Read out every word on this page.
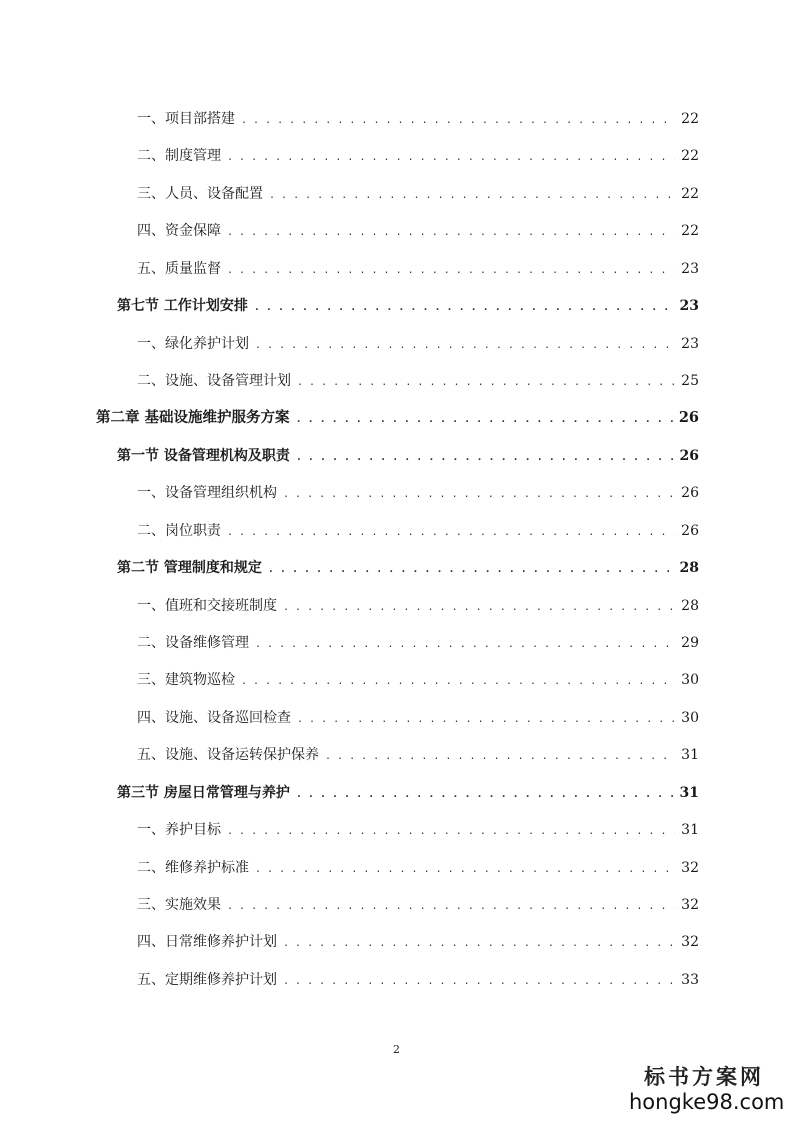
一、项目部搭建 . . .	22
二、制度管理 . . .	22
三、人员、设备配置 . . .	22
四、资金保障 . . .	22
五、质量监督 . . .	23
第七节 工作计划安排 . . .	23
一、绿化养护计划 . . .	23
二、设施、设备管理计划 . . .	25
第二章 基础设施维护服务方案 . . .	26
第一节 设备管理机构及职责 . . .	26
一、设备管理组织机构 . . .	26
二、岗位职责 . . .	26
第二节 管理制度和规定 . . .	28
一、值班和交接班制度 . . .	28
二、设备维修管理 . . .	29
三、建筑物巡检 . . .	30
四、设施、设备巡回检查 . . .	30
五、设施、设备运转保护保养 . . .	31
第三节 房屋日常管理与养护 . . .	31
一、养护目标 . . .	31
二、维修养护标准 . . .	32
三、实施效果 . . .	32
四、日常维修养护计划 . . .	32
五、定期维修养护计划 . . .	33
2
标书方案网
hongke98.com
